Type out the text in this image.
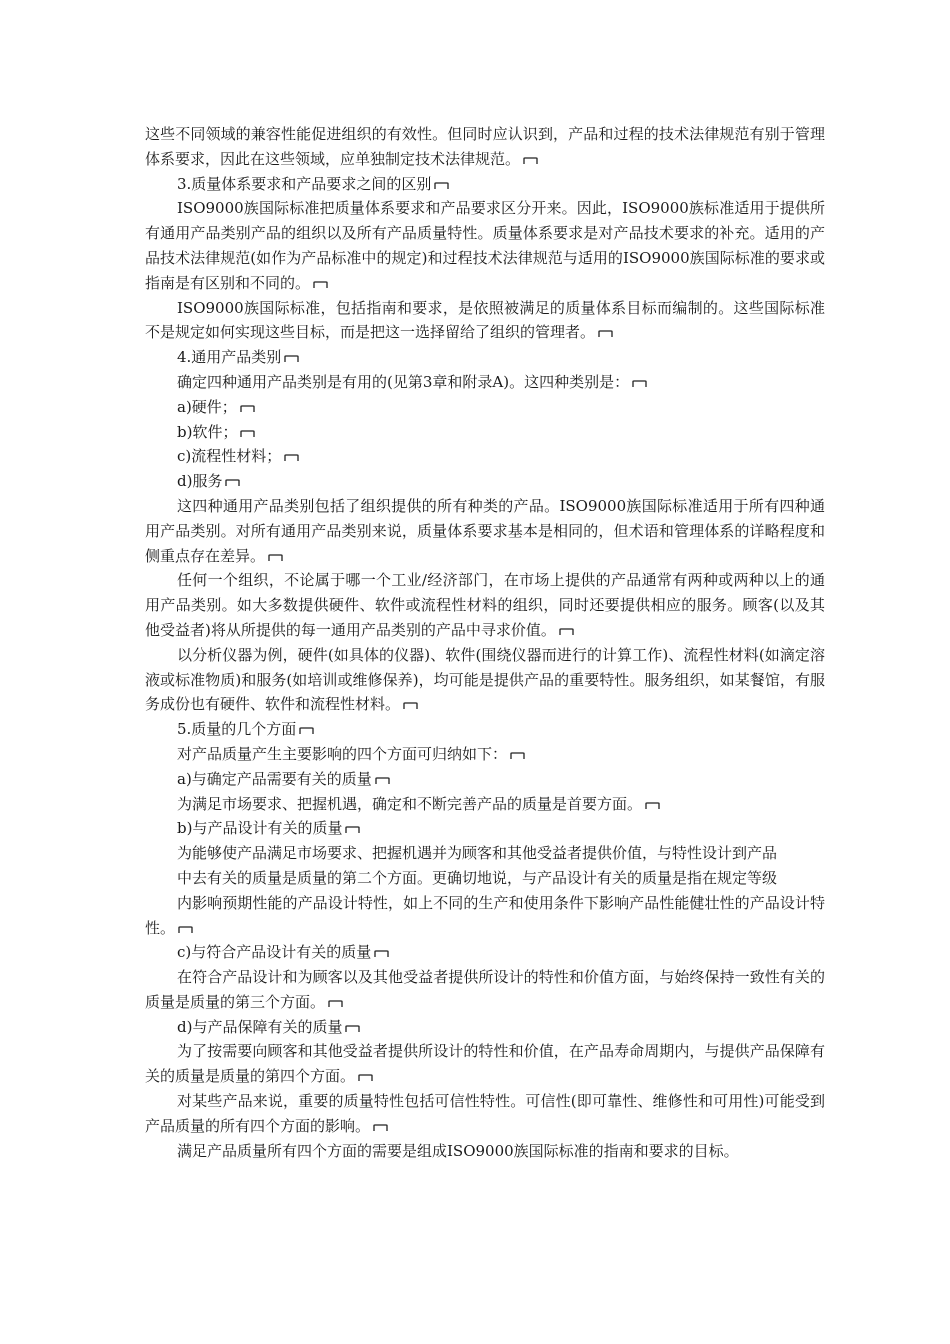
这些不同领域的兼容性能促进组织的有效性。但同时应认识到，产品和过程的技术法律规范有别于管理体系要求，因此在这些领域，应单独制定技术法律规范。

3.质量体系要求和产品要求之间的区别

ISO9000族国际标准把质量体系要求和产品要求区分开来。因此，ISO9000族标准适用于提供所有通用产品类别产品的组织以及所有产品质量特性。质量体系要求是对产品技术要求的补充。适用的产品技术法律规范(如作为产品标准中的规定)和过程技术法律规范与适用的ISO9000族国际标准的要求或指南是有区别和不同的。

ISO9000族国际标准，包括指南和要求，是依照被满足的质量体系目标而编制的。这些国际标准不是规定如何实现这些目标，而是把这一选择留给了组织的管理者。

4.通用产品类别

确定四种通用产品类别是有用的(见第3章和附录A)。这四种类别是：

a)硬件；

b)软件；

c)流程性材料；

d)服务

这四种通用产品类别包括了组织提供的所有种类的产品。ISO9000族国际标准适用于所有四种通用产品类别。对所有通用产品类别来说，质量体系要求基本是相同的，但术语和管理体系的详略程度和侧重点存在差异。

任何一个组织，不论属于哪一个工业/经济部门，在市场上提供的产品通常有两种或两种以上的通用产品类别。如大多数提供硬件、软件或流程性材料的组织，同时还要提供相应的服务。顾客(以及其他受益者)将从所提供的每一通用产品类别的产品中寻求价值。

以分析仪器为例，硬件(如具体的仪器)、软件(围绕仪器而进行的计算工作)、流程性材料(如滴定溶液或标准物质)和服务(如培训或维修保养)，均可能是提供产品的重要特性。服务组织，如某餐馆，有服务成份也有硬件、软件和流程性材料。

5.质量的几个方面

对产品质量产生主要影响的四个方面可归纳如下：

a)与确定产品需要有关的质量

为满足市场要求、把握机遇，确定和不断完善产品的质量是首要方面。

b)与产品设计有关的质量

为能够使产品满足市场要求、把握机遇并为顾客和其他受益者提供价值，与特性设计到产品

中去有关的质量是质量的第二个方面。更确切地说，与产品设计有关的质量是指在规定等级

内影响预期性能的产品设计特性，如上不同的生产和使用条件下影响产品性能健壮性的产品设计特性。

c)与符合产品设计有关的质量

在符合产品设计和为顾客以及其他受益者提供所设计的特性和价值方面，与始终保持一致性有关的质量是质量的第三个方面。

d)与产品保障有关的质量

为了按需要向顾客和其他受益者提供所设计的特性和价值，在产品寿命周期内，与提供产品保障有关的质量是质量的第四个方面。

对某些产品来说，重要的质量特性包括可信性特性。可信性(即可靠性、维修性和可用性)可能受到产品质量的所有四个方面的影响。

满足产品质量所有四个方面的需要是组成ISO9000族国际标准的指南和要求的目标。
